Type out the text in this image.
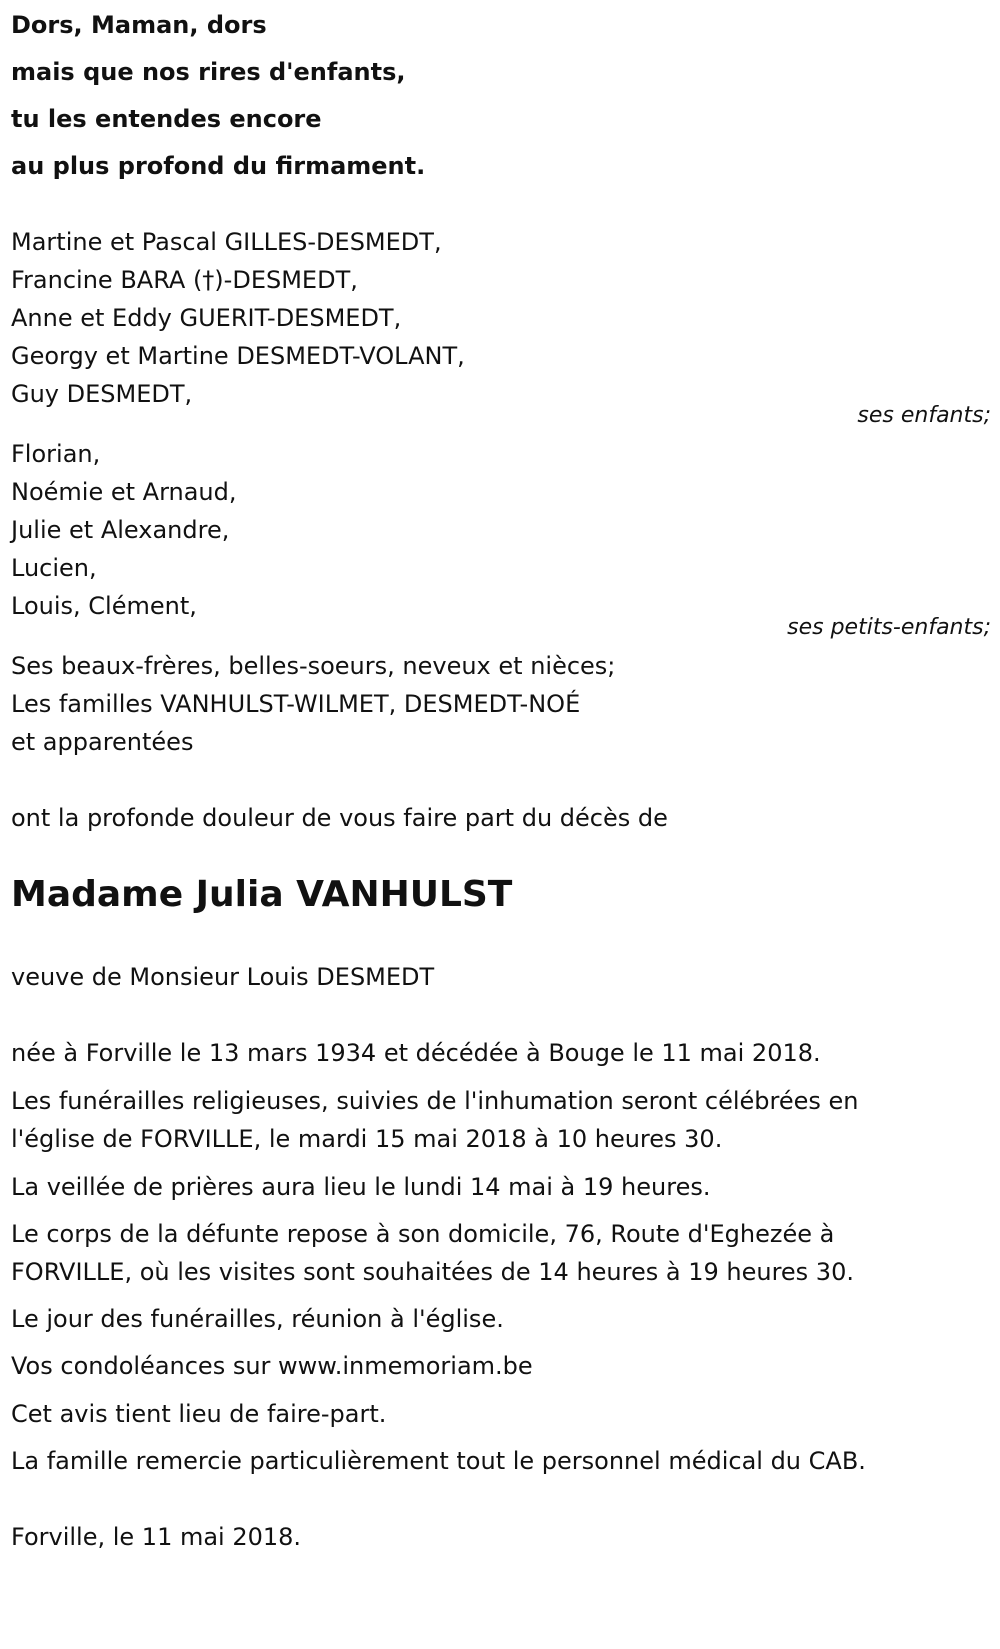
Dors, Maman, dors
mais que nos rires d'enfants,
tu les entendes encore
au plus profond du firmament.
Martine et Pascal GILLES-DESMEDT,
Francine BARA (†)-DESMEDT,
Anne et Eddy GUERIT-DESMEDT,
Georgy et Martine DESMEDT-VOLANT,
Guy DESMEDT,
ses enfants;
Florian,
Noémie et Arnaud,
Julie et Alexandre,
Lucien,
Louis, Clément,
ses petits-enfants;
Ses beaux-frères, belles-soeurs, neveux et nièces;
Les familles VANHULST-WILMET, DESMEDT-NOÉ
et apparentées
ont la profonde douleur de vous faire part du décès de
Madame Julia VANHULST
veuve de Monsieur Louis DESMEDT
née à Forville le 13 mars 1934 et décédée à Bouge le 11 mai 2018.
Les funérailles religieuses, suivies de l'inhumation seront célébrées en
l'église de FORVILLE, le mardi 15 mai 2018 à 10 heures 30.
La veillée de prières aura lieu le lundi 14 mai à 19 heures.
Le corps de la défunte repose à son domicile, 76, Route d'Eghezée à
FORVILLE, où les visites sont souhaitées de 14 heures à 19 heures 30.
Le jour des funérailles, réunion à l'église.
Vos condoléances sur www.inmemoriam.be
Cet avis tient lieu de faire-part.
La famille remercie particulièrement tout le personnel médical du CAB.
Forville, le 11 mai 2018.
